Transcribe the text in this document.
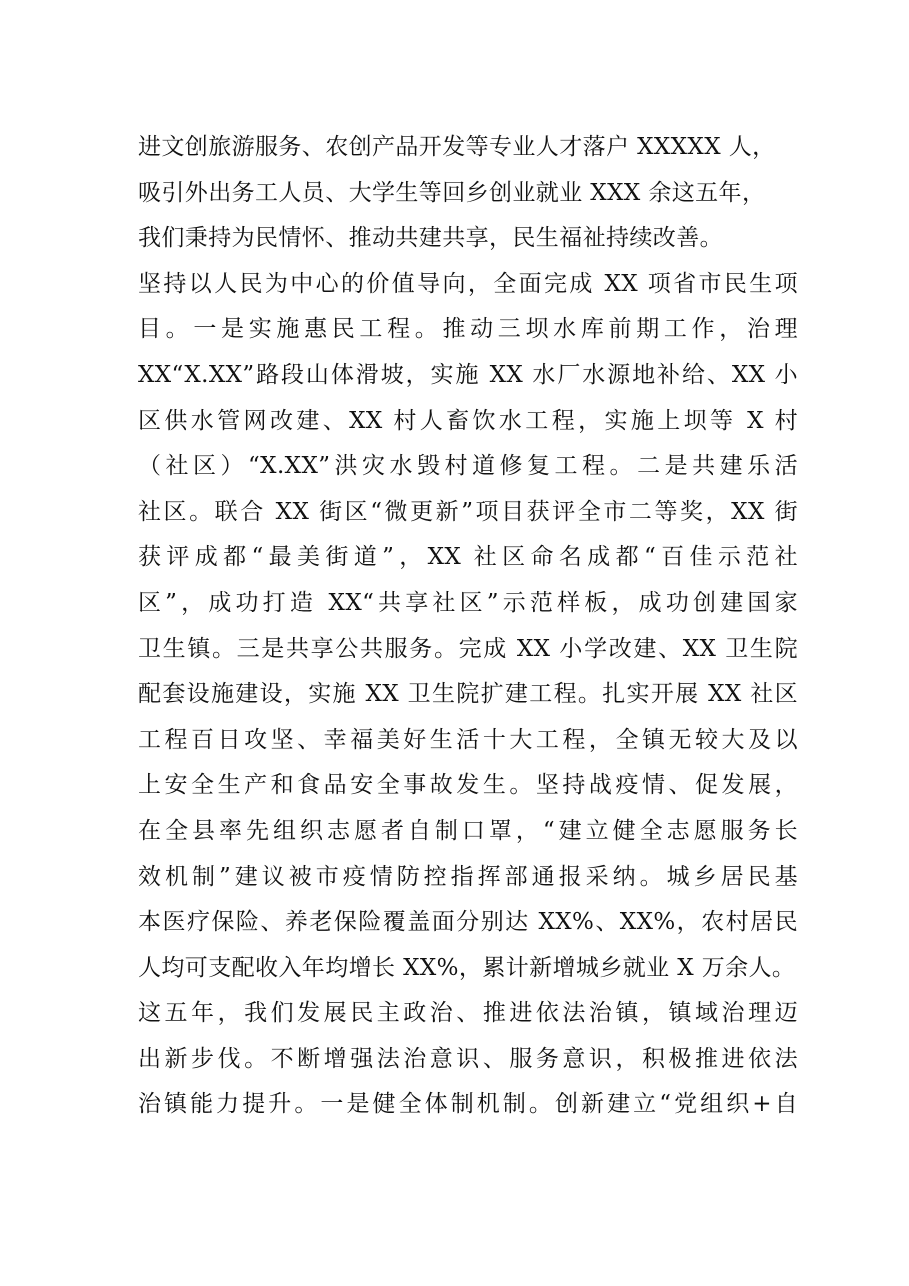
进文创旅游服务、农创产品开发等专业人才落户 XXXXX 人，
吸引外出务工人员、大学生等回乡创业就业 XXX 余这五年，
我们秉持为民情怀、推动共建共享，民生福祉持续改善。
坚持以人民为中心的价值导向，全面完成 XX 项省市民生项
目。一是实施惠民工程。推动三坝水库前期工作，治理
XX“X.XX”路段山体滑坡，实施 XX 水厂水源地补给、XX 小
区供水管网改建、XX 村人畜饮水工程，实施上坝等 X 村
（社区）“X.XX”洪灾水毁村道修复工程。二是共建乐活
社区。联合 XX 街区“微更新”项目获评全市二等奖，XX 街
获评成都“最美街道”，XX 社区命名成都“百佳示范社
区”，成功打造 XX“共享社区”示范样板，成功创建国家
卫生镇。三是共享公共服务。完成 XX 小学改建、XX 卫生院
配套设施建设，实施 XX 卫生院扩建工程。扎实开展 XX 社区
工程百日攻坚、幸福美好生活十大工程，全镇无较大及以
上安全生产和食品安全事故发生。坚持战疫情、促发展，
在全县率先组织志愿者自制口罩，“建立健全志愿服务长
效机制”建议被市疫情防控指挥部通报采纳。城乡居民基
本医疗保险、养老保险覆盖面分别达 XX%、XX%，农村居民
人均可支配收入年均增长 XX%，累计新增城乡就业 X 万余人。
这五年，我们发展民主政治、推进依法治镇，镇域治理迈
出新步伐。不断增强法治意识、服务意识，积极推进依法
治镇能力提升。一是健全体制机制。创新建立“党组织+自
